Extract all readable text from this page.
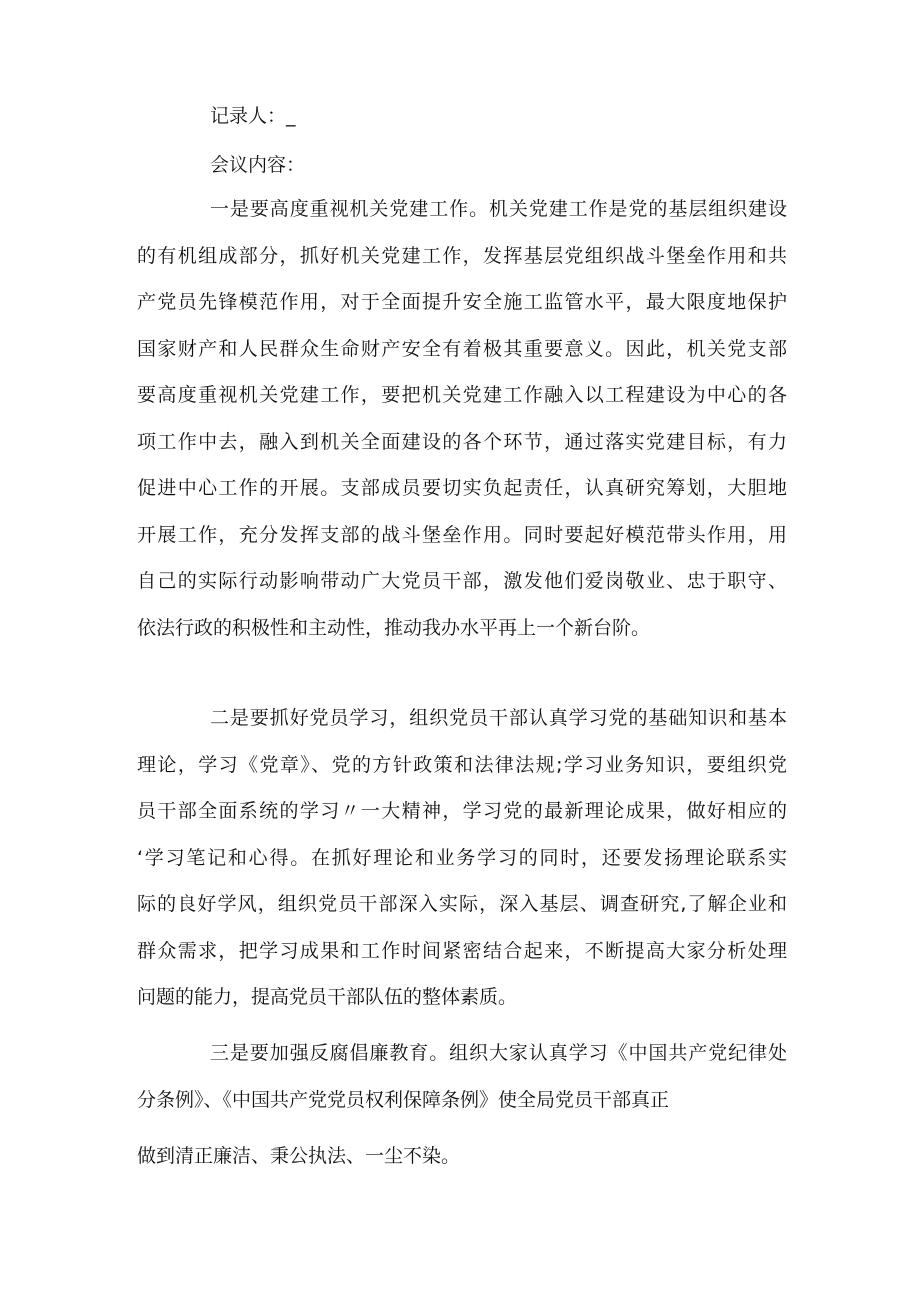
记录人：_
会议内容：
一是要高度重视机关党建工作。机关党建工作是党的基层组织建设
的有机组成部分，抓好机关党建工作，发挥基层党组织战斗堡垒作用和共
产党员先锋模范作用，对于全面提升安全施工监管水平，最大限度地保护
国家财产和人民群众生命财产安全有着极其重要意义。因此，机关党支部
要高度重视机关党建工作，要把机关党建工作融入以工程建设为中心的各
项工作中去，融入到机关全面建设的各个环节，通过落实党建目标，有力
促进中心工作的开展。支部成员要切实负起责任，认真研究筹划，大胆地
开展工作，充分发挥支部的战斗堡垒作用。同时要起好模范带头作用，用
自己的实际行动影响带动广大党员干部，激发他们爱岗敬业、忠于职守、
依法行政的积极性和主动性，推动我办水平再上一个新台阶。
二是要抓好党员学习，组织党员干部认真学习党的基础知识和基本
理论，学习《党章》、党的方针政策和法律法规;学习业务知识，要组织党
员干部全面系统的学习〃一大精神，学习党的最新理论成果，做好相应的
‘学习笔记和心得。在抓好理论和业务学习的同时，还要发扬理论联系实
际的良好学风，组织党员干部深入实际，深入基层、调查研究,了解企业和
群众需求，把学习成果和工作时间紧密结合起来，不断提高大家分析处理
问题的能力，提高党员干部队伍的整体素质。
三是要加强反腐倡廉教育。组织大家认真学习《中国共产党纪律处
分条例》、《中国共产党党员权利保障条例》使全局党员干部真正
做到清正廉洁、秉公执法、一尘不染。
